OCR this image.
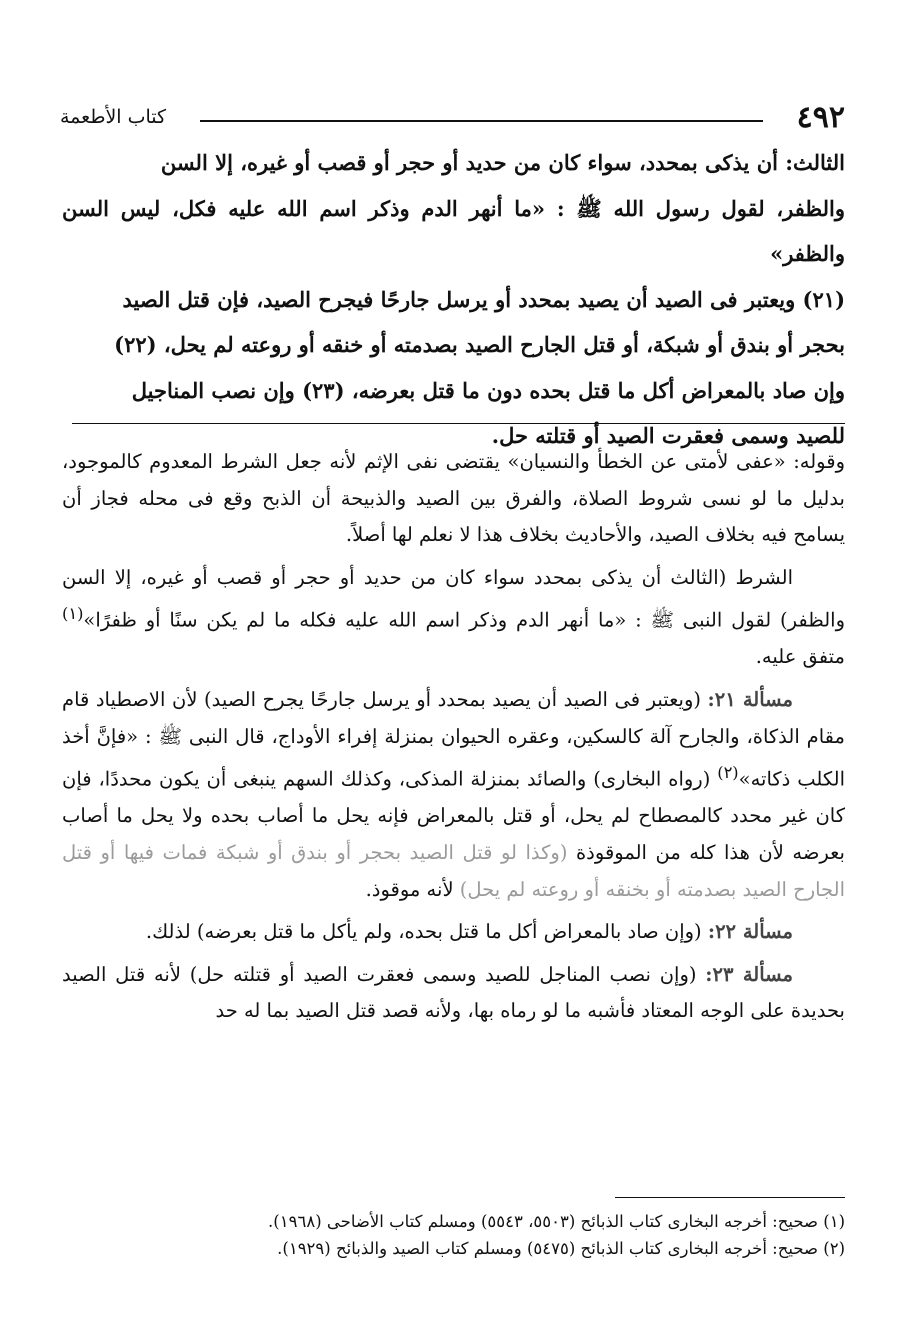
٤٩٢
كتاب الأطعمة

الثالث: أن يذكى بمحدد، سواء كان من حديد أو حجر أو قصب أو غيره، إلا السن

والظفر، لقول رسول الله ﷺ : «ما أنهر الدم وذكر اسم الله عليه فكل، ليس السن والظفر»

(٢١) ويعتبر فى الصيد أن يصيد بمحدد أو يرسل جارحًا فيجرح الصيد، فإن قتل الصيد

بحجر أو بندق أو شبكة، أو قتل الجارح الصيد بصدمته أو خنقه أو روعته لم يحل، (٢٢)

وإن صاد بالمعراض أكل ما قتل بحده دون ما قتل بعرضه، (٢٣) وإن نصب المناجيل

للصيد وسمى فعقرت الصيد أو قتلته حل.

وقوله: «عفى لأمتى عن الخطأ والنسيان» يقتضى نفى الإثم لأنه جعل الشرط المعدوم كالموجود، بدليل ما لو نسى شروط الصلاة، والفرق بين الصيد والذبيحة أن الذبح وقع فى محله فجاز أن يسامح فيه بخلاف الصيد، والأحاديث بخلاف هذا لا نعلم لها أصلاً.

الشرط (الثالث أن يذكى بمحدد سواء كان من حديد أو حجر أو قصب أو غيره، إلا السن والظفر) لقول النبى ﷺ : «ما أنهر الدم وذكر اسم الله عليه فكله ما لم يكن سنًا أو ظفرًا»$^{(١)}$ متفق عليه.

مسألة ٢١: (ويعتبر فى الصيد أن يصيد بمحدد أو يرسل جارحًا يجرح الصيد) لأن الاصطياد قام مقام الذكاة، والجارح آلة كالسكين، وعقره الحيوان بمنزلة إفراء الأوداج، قال النبى ﷺ : «فإنَّ أخذ الكلب ذكاته»$^{(٢)}$ (رواه البخارى) والصائد بمنزلة المذكى، وكذلك السهم ينبغى أن يكون محددًا، فإن كان غير محدد كالمصطاح لم يحل، أو قتل بالمعراض فإنه يحل ما أصاب بحده ولا يحل ما أصاب بعرضه لأن هذا كله من الموقوذة (وكذا لو قتل الصيد بحجر أو بندق أو شبكة فمات فيها أو قتل الجارح الصيد بصدمته أو بخنقه أو روعته لم يحل) لأنه موقوذ.

مسألة ٢٢: (وإن صاد بالمعراض أكل ما قتل بحده، ولم يأكل ما قتل بعرضه) لذلك.

مسألة ٢٣: (وإن نصب المناجل للصيد وسمى فعقرت الصيد أو قتلته حل) لأنه قتل الصيد بحديدة على الوجه المعتاد فأشبه ما لو رماه بها، ولأنه قصد قتل الصيد بما له حد

(١) صحيح: أخرجه البخارى كتاب الذبائح (٥٥٠٣، ٥٥٤٣) ومسلم كتاب الأضاحى (١٩٦٨).

(٢) صحيح: أخرجه البخارى كتاب الذبائح (٥٤٧٥) ومسلم كتاب الصيد والذبائح (١٩٢٩).
